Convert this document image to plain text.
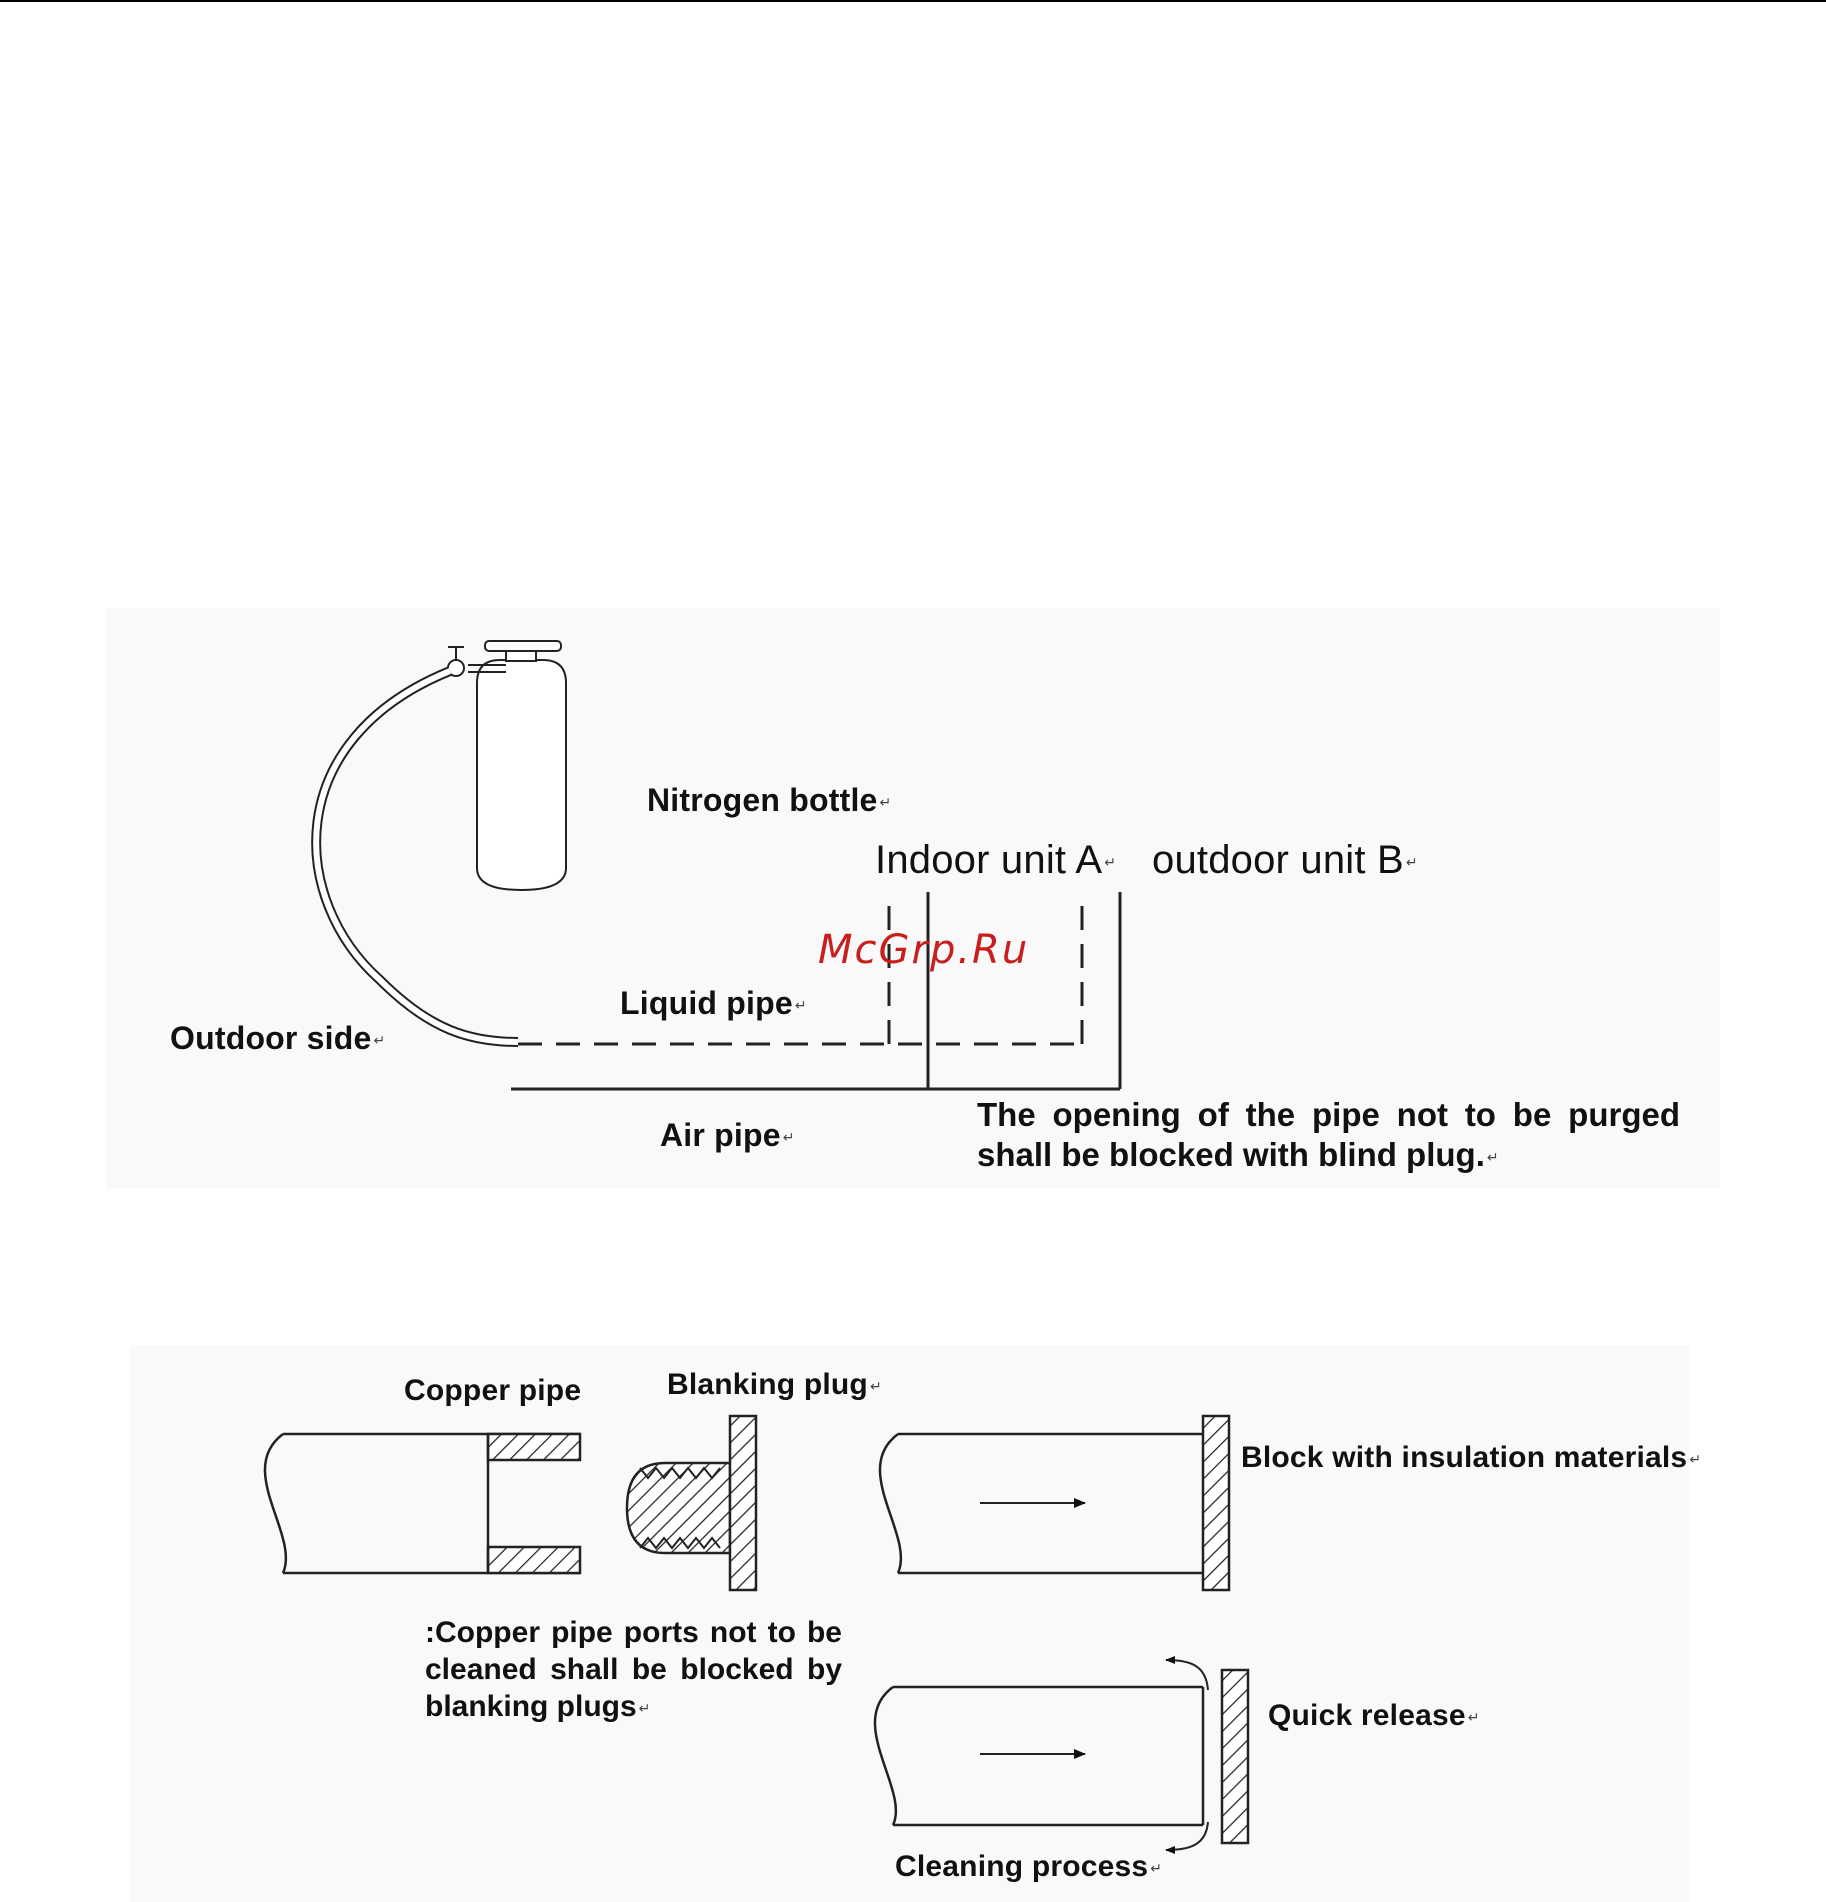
Nitrogen bottle ↵
Indoor unit A ↵ outdoor unit B ↵
McGrp.Ru
Liquid pipe ↵
Outdoor side ↵
Air pipe ↵
The opening of the pipe not to be purged
shall be blocked with blind plug. ↵
Copper pipe	Blanking plug ↵
Block with insulation materials ↵
:Copper pipe ports not to be
cleaned shall be blocked by
blanking plugs ↵	Quick release ↵
Cleaning process ↵
